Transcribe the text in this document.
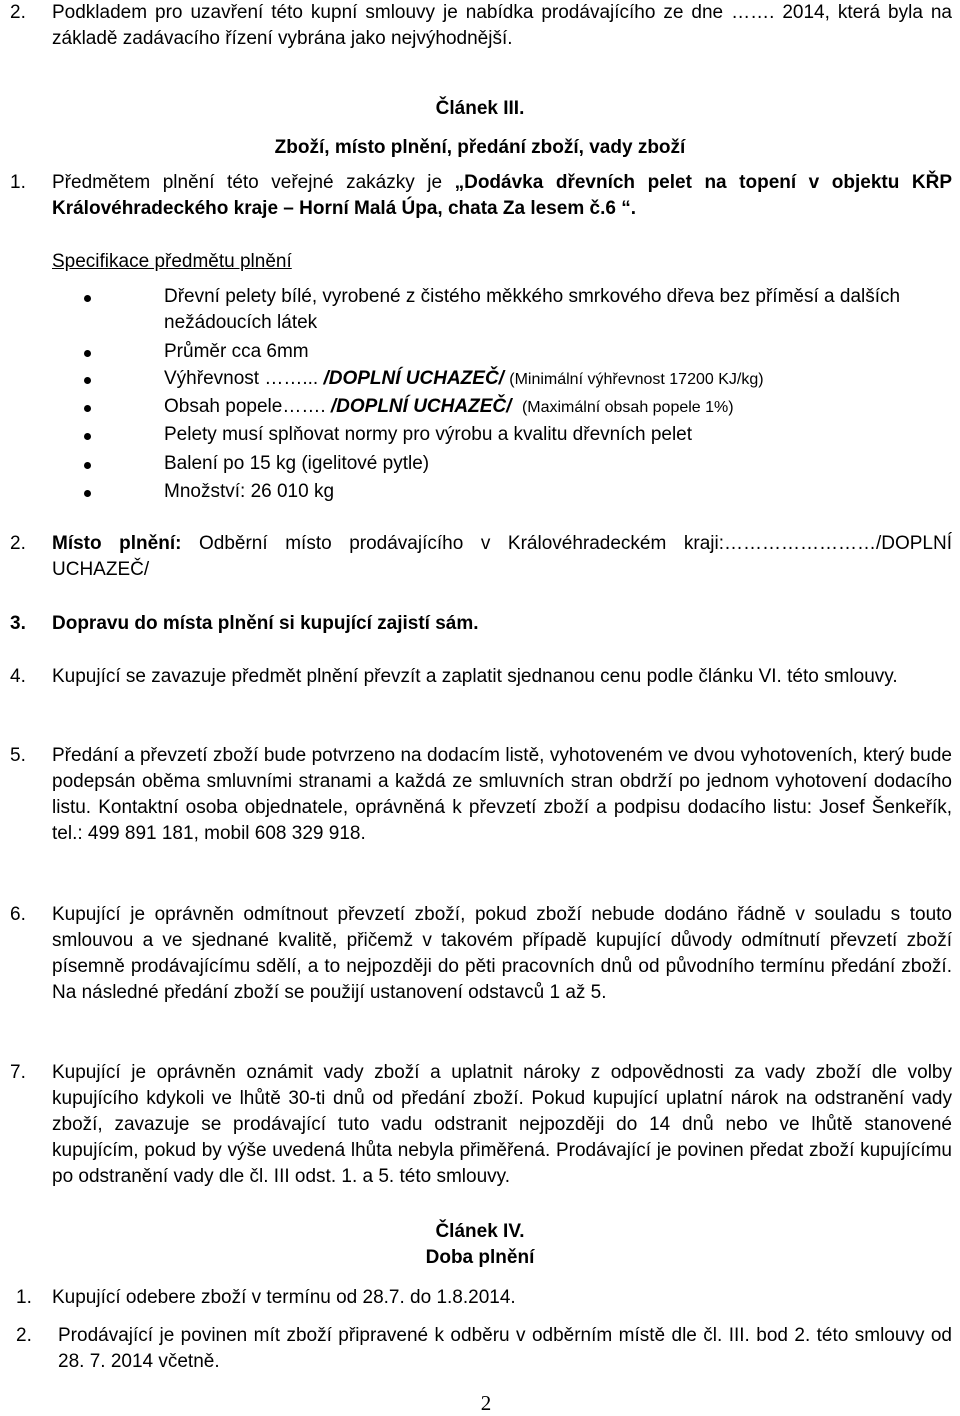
2. Podkladem pro uzavření této kupní smlouvy je nabídka prodávajícího ze dne ……. 2014, která byla na základě zadávacího řízení vybrána jako nejvýhodnější.
Článek III.
Zboží, místo plnění, předání zboží, vady zboží
1. Předmětem plnění této veřejné zakázky je „Dodávka dřevních pelet na topení v objektu KŘP Královéhradeckého kraje – Horní Malá Úpa, chata Za lesem č.6 “.
Specifikace předmětu plnění
Dřevní pelety bílé, vyrobené z čistého měkkého smrkového dřeva bez příměsí a dalších nežádoucích látek
Průměr cca 6mm
Výhřevnost ……... /DOPLNÍ UCHAZEČ/ (Minimální výhřevnost 17200 KJ/kg)
Obsah popele……. /DOPLNÍ UCHAZEČ/ (Maximální obsah popele 1%)
Pelety musí splňovat normy pro výrobu a kvalitu dřevních pelet
Balení po 15 kg (igelitové pytle)
Množství: 26 010 kg
2. Místo plnění: Odběrní místo prodávajícího v Královéhradeckém kraji:……………………/DOPLNÍ UCHAZEČ/
3. Dopravu do místa plnění si kupující zajistí sám.
4. Kupující se zavazuje předmět plnění převzít a zaplatit sjednanou cenu podle článku VI. této smlouvy.
5. Předání a převzetí zboží bude potvrzeno na dodacím listě, vyhotoveném ve dvou vyhotoveních, který bude podepsán oběma smluvními stranami a každá ze smluvních stran obdrží po jednom vyhotovení dodacího listu. Kontaktní osoba objednatele, oprávněná k převzetí zboží a podpisu dodacího listu: Josef Šenkeřík, tel.: 499 891 181, mobil 608 329 918.
6. Kupující je oprávněn odmítnout převzetí zboží, pokud zboží nebude dodáno řádně v souladu s touto smlouvou a ve sjednané kvalitě, přičemž v takovém případě kupující důvody odmítnutí převzetí zboží písemně prodávajícímu sdělí, a to nejpozději do pěti pracovních dnů od původního termínu předání zboží. Na následné předání zboží se použijí ustanovení odstavců 1 až 5.
7. Kupující je oprávněn oznámit vady zboží a uplatnit nároky z odpovědnosti za vady zboží dle volby kupujícího kdykoli ve lhůtě 30-ti dnů od předání zboží. Pokud kupující uplatní nárok na odstranění vady zboží, zavazuje se prodávající tuto vadu odstranit nejpozději do 14 dnů nebo ve lhůtě stanovené kupujícím, pokud by výše uvedená lhůta nebyla přiměřená. Prodávající je povinen předat zboží kupujícímu po odstranění vady dle čl. III odst. 1. a 5. této smlouvy.
Článek IV.
Doba plnění
1. Kupující odebere zboží v termínu od 28.7. do 1.8.2014.
2. Prodávající je povinen mít zboží připravené k odběru v odběrním místě dle čl. III. bod 2. této smlouvy od 28. 7. 2014 včetně.
2
